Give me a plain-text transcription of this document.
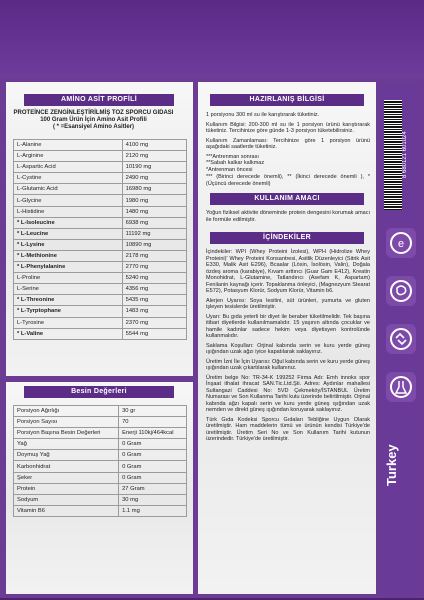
AMİNO ASİT PROFİLİ
PROTEİNCE ZENGİNLEŞTİRİLMİŞ TOZ SPORCU GIDASI
100 Gram Ürün İçin Amino Asit Profili
( * =Esansiyel Amino Asitler)
L-Alanine	4100 mg
L-Arginine	2120 mg
L-Aspartic Acid	10190 mg
L-Cystine	2490 mg
L-Glutamic Acid	16980 mg
L-Glycine	1980 mg
L-Histidine	1480 mg
* L-Isoleucine	6938 mg
* L-Leucine	11192 mg
* L-Lysine	10890 mg
* L-Methionine	2178 mg
* L-Phenylalanine	2770 mg
L-Proline	5240 mg
L-Serine	4356 mg
* L-Threonine	5435 mg
* L-Tyrptophane	1483 mg
L-Tyrosine	2370 mg
* L-Valine	5544 mg
Besin Değerleri
Porsiyon Ağırlığı	30 gr
Porsiyon Sayısı	70
Porsiyon Başına Besin Değerleri	Enerji 110kj/464kcal
Yağ	0 Gram
Doymuş Yağ	0 Gram
Karbonhidrat	0 Gram
Şeker	0 Gram
Protein	27 Gram
Sodyum	30 mg
Vitamin B6	1.1 mg
HAZIRLANIŞ BİLGİSİ

1 porsiyonu 300 ml su ile karıştırarak tüketiniz.

Kullanım Bilgisi: 200-300 ml su ile 1 porsiyon ürünü karıştırarak tüketiniz. Tercihinize göre günde 1-3 porsiyon tüketebilirsiniz.

Kullanım Zamanlaması: Tercihinize göre 1 porsiyon ürünü aşağıdaki saatlerde tüketiniz.

***Antrenman sonrası

**Sabah kalkar kalkmaz

*Antrenman öncesi

*** (Birinci derecede önemli), ** (İkinci derecede önemli ), * (Üçüncü derecede önemli)

KULLANIM AMACI
Yoğun fiziksel aktivite döneminde protein dengesini korumak amacı ile formüle edilmiştir.
İÇİNDEKİLER

İçindekiler: WPI (Whey Proteini İzolesi), WPH (Hidrolize Whey Proteini)' Whey Proteini Konsantresi, Asitlik Düzenleyici (Sitrik Asit E330, Malik Asit E296), Bcaalar (Lösin, İsolösin, Valin), Doğala özdeş aroma (karabiye), Kıvam arttırıcı (Guar Gam E412), Kreatin Monohidrat, L-Glutamine, Tatlandırıcı (Asefam K, Aspartam) Fenilanin kaynağı içerir. Topaklanma önleyici, (Magnezyum Stearat E572), Potasyum Klorür, Sodyum Klorür, Vitamin b6.

Alerjen Uyarısı: Soya lesitini, süt ürünleri, yumurta ve gluten işleyen tesislerde üretilmiştir.

Uyarı: Bu gıda yeterli bir diyet ile beraber tüketilmelidir. Tek başına itibari diyetlerde kullanılmamalıdır. 15 yaşının altında çocuklar ve hamile kadınlar sadece hekim veya diyetisyen kontrolünde kullanmalıdır.

Saklama Koşulları: Orjinal kabında serin ve kuru yerde güneş ışığından uzak ağzı iyice kapatılarak saklayınız.

Üretim İzni İle İçin Uyarısı: Oğul kabında serin ve kuru yerde güneş ışığından uzak çıkartılarak kullanınız.

Üretim belge No: TR-34-K 199252 Firma Adı: Emh innoks spor İnşaat ithalat ihracat SAN.Tic.Ltd.Şti. Adres: Aydınlar mahallesi Sultangazi Caddesi No: 5VD Çekmeköy/İSTANBUL Üretim Numarası ve Son Kullanma Tarihi kutu üzerinde belirtilmiştir. Orjinal kabında ağzı kapalı serin ve kuru yerde güneş ışığından uzak nemden ve direkt güneş ışığından koruyarak saklayınız.

Türk Gıda Kodeksi Sporcu Gıdaları Tebliğine Uygun Olarak üretilmiştir. Ham maddelerin tümü ve ürünün kendisi Türkiye'de üretilmiştir. Üretim Seri No ve Son Kullanım Tarihi kutunun üzerindedir. Türkiye'de üretilmiştir.

8 680121 601024
e
Turkey
